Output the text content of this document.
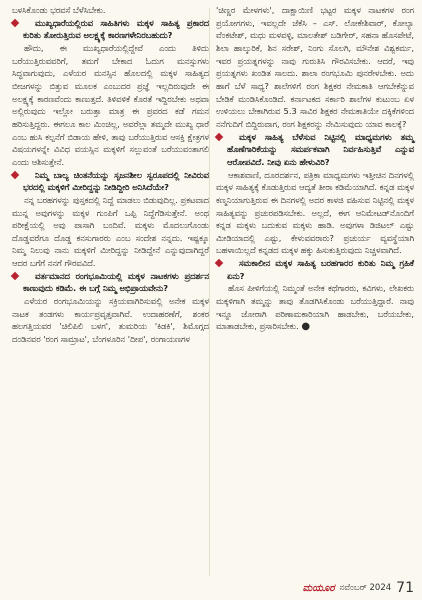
ಬಳಸಿಕೊಂಡು ಭರವಸೆ ಬೆಳೆಸಿಬೇಕು.

ಮುಖ್ಯಧಾರೆಯಲ್ಲಿರುವ ಸಾಹಿತಿಗಳು ಮಕ್ಕಳ ಸಾಹಿತ್ಯ ಪ್ರಕಾರದ ಕುರಿತು ತೋರುತ್ತಿರುವ ಅಲಕ್ಷ್ಯಕ್ಕೆ ಕಾರಣಗಳೇನಿರಬಹುದು?

ಹೌದು, ಈ ಮುಖ್ಯಧಾರೆಯಲ್ಲಿದ್ದೇವೆ ಎಂದು ತಿಳಿದು ಬರೆಯುತ್ತಿರುವವರಿಗೆ, ತಮಗೆ ಬೇಕಾದ ಓದುಗ ಮನಸ್ಸುಗಳು ಸಿದ್ಧವಾಗುವುದು, ಎಳೆಯರ ಮನಸ್ಸಿನ ಹೊಲದಲ್ಲಿ ಮಕ್ಕಳ ಸಾಹಿತ್ಯದ ಬೀಜಗಳನ್ನು ಬಿತ್ತುವ ಮೂಲಕ ಎಂಬುದರ ಪ್ರಜ್ಞೆ ಇಲ್ಲದಿರುವುದೇ ಈ ಅಲಕ್ಷ್ಯಕ್ಕೆ ಕಾರಣವೆಂದು ಕಾಣುತ್ತದೆ. ತಿಳಿವಳಿಕೆ ಕೊರತೆ ಇದ್ದಿರಬೇಕು ಅಥವಾ ಅಲ್ಲಿರುವುದು ಇಲ್ಲೋ ಬರುತ್ತಾ ಮಾತ್ರ ಈ ಪ್ರವರದ ಕಡೆ ಗಮನ ಹರಿಸುತ್ತಿದ್ದರು. ಈಗಲೂ ಕಾಲ ಮಿಂಚಿಲ್ಲ, ಅವರೆಲ್ಲಾ ತಮ್ಮದೇ ಮುಖ್ಯ ಧಾರೆ ಎಂಬ ಹುಸಿ ಕಲ್ಪನೆಗೆ ಬಿಡಾಯ ಹೇಳಿ, ತಾವು ಬರೆಯುತ್ತಿರುವ ಆಸಕ್ತಿ ಕ್ಷೇತ್ರಗಳ ವಿಷಯಗಳನ್ನೇ ವಿವಿಧ ವಯಸ್ಸಿನ ಮಕ್ಕಳಿಗೆ ಸಲ್ಲುವಂತೆ ಬರೆಯುವಂತಾಗಲಿ ಎಂದು ಆಶಿಸುತ್ತೇನೆ.

ನಿಮ್ಮ ಬಾಲ್ಯ ಚಿಂತನೆಯನ್ನು ಸೃಜನಶೀಲ ಸ್ವರೂಪದಲ್ಲಿ ನೀವಿರುವ ಭರದಲ್ಲಿ ಮಕ್ಕಳಿಗೆ ಮೀರಿದ್ದನ್ನು ನೀಡಿದ್ದೀರಿ ಅನಿಸಿದೆಯೇ?

ನನ್ನ ಬರಹಗಳನ್ನು ಪುಸ್ತಕದಲ್ಲಿ ನಿದ್ದೆ ಮಾಡಲು ಬಿಡುವುದಿಲ್ಲ. ಪ್ರಕಟವಾದ ಮುನ್ನ ಅವುಗಳನ್ನು ಮಕ್ಕಳ ಗುಂಪಿಗೆ ಒಪ್ಪಿ ನಿದ್ದೆಗೆಡಿಸುತ್ತೇನೆ. ಅಂಥ ಪರೀಕ್ಷೆಯಲ್ಲಿ ಅವು ಪಾಸಾಗಿ ಬಂದಿವೆ. ಮಕ್ಕಳು ಮೊದಲುಗೊಂಡು ದೊಡ್ಡವರೆಗೂ ದೊಡ್ಡ ಕನಸುಗಾರರು ಎಂಬ ಸಂದೇಶ ನನ್ನದು. ಇಷ್ಟಕ್ಕೂ ನಿಮ್ಮ ನಿಲುವು ನಾನು ಮಕ್ಕಳಿಗೆ ಮೀರಿದ್ದನ್ನು ನೀಡಿದ್ದೇನೆ ಎನ್ನುವುದಾಗಿದ್ದರೆ ಆದರ ಬಗೆಗೆ ನನಗೆ ಗೌರವವಿದೆ.

ವರ್ತಮಾನದ ರಂಗಭೂಮಿಯಲ್ಲಿ ಮಕ್ಕಳ ನಾಟಕಗಳು ಪ್ರದರ್ಶನ ಕಾಣುವುದು ಕಡಿಮೆ. ಈ ಬಗ್ಗೆ ನಿಮ್ಮ ಅಭಿಪ್ರಾಯವೇನು?

ಎಳೆಯರ ರಂಗಭೂಮಿಯನ್ನು ಸಕ್ರಿಯವಾಗಿರಿಸುವಲ್ಲಿ ಅನೇಕ ಮಕ್ಕಳ ನಾಟಕ ತಂಡಗಳು ಕಾರ್ಯಪ್ರವೃತ್ತವಾಗಿವೆ. ಉದಾಹರಣೆಗೆ, ಶಂಕರ ಹಲಗತ್ತಿಯವರ 'ಚಿಲಿಪಿಲಿ ಬಳಗ', ತುಮರಿಯ 'ಕಿಡಕಿ', ಶಿಮೊಗ್ಗದ ದಂಡಿನವರ 'ರಂಗ ಸಾಮ್ರಾಟ', ಬೆಂಗಳೂರಿನ 'ದೀಪ', ರಂಗಾಯಣಗಳ

'ಚಿಣ್ಣರ ಮೇಳಗಳು', ದಾಕ್ಷಾಯಿಣಿ ಭಟ್ಟರ ಮಕ್ಕಳ ನಾಟಕಗಳ ರಂಗ ಪ್ರಯೋಗಗಳು, ಇವಲ್ಲದೇ ಜೆಕೆಸಿ – ಎಸ್. ಲೋಕೇಶಿವಾರ್, ಕೋಲ್ಯಾ ವೆಂಕಟೇಶ್, ಮಧು ಮಳವಳ್ಳಿ, ಮಾಲತೇಶ್ ಬಡಿಗೇರ್, ಸಹನಾ ಹೊಸಪೇಟೆ, ಶಿಲಾ ಹಾಲ್ಕುರಿಕೆ, ಶಿನ ಸರೇಶ್, ನಿಂಗು ಸೊಲಗಿ, ಮೌನೇಶ ವಿಶ್ವಕರ್ಮ, ಇವರ ಪ್ರಯತ್ನಗಳನ್ನು ನಾವು ಗುರುತಿಸಿ ಗೌರವಿಸಬೇಕು. ಆದರೆ, ಇವು ಪ್ರಯತ್ನಗಳು ಖಂಡಿತ ಸಾಲದು. ಶಾಲಾ ರಂಗಭೂಮಿ ಪುನರೇಳಬೇಕು. ಅದು ಹಾಗೆ ಬೆಳೆ ಸಾಧ್ಯ? ಶಾಲೆಗಳಿಗೆ ರಂಗ ಶಿಕ್ಷಕರ ನೇಮಕಾತಿ ಆಗಬೇಕೆನ್ನುವ ಬೇಡಿಕೆ ಮಂಡಿಸಿಕೊಂಡಿದೆ. ಕರ್ನಾಟಕದ ಸರ್ಕಾರಿ ಶಾಲೆಗಳ ಕುಟುಂಬ ಏಳ ಉಳಿಯಲು ಬೇಕಾಗಿರುವ 5.3 ಸಾವಿರ ಶಿಕ್ಷಕರ ನೇಮಕಾತಿಯೇ ದಕ್ಕಿಕೆಗಳಿಂದ ನನೆಗುದಿಗೆ ಬಿದ್ದಿರುವಾಗ, ರಂಗ ಶಿಕ್ಷಕರನ್ನು ನೇಮಿಸುವುದು ಯಾವ ಕಾಲಕ್ಕೆ?

ಮಕ್ಕಳ ಸಾಹಿತ್ಯ ಬೆಳೆಸುವ ನಿಟ್ಟಿನಲ್ಲಿ ಮಾಧ್ಯಮಗಳು ತಮ್ಮ ಹೊಣೆಗಾರಿಕೆಯನ್ನು ಸಮರ್ಪಕವಾಗಿ ನಿರ್ವಹಿಸುತ್ತಿವೆ ಎನ್ನುವ ಆರೋಪವಿದೆ. ನೀವು ಏನು ಹೇಳುವಿರಿ?

ಆಕಾಶವಾಣಿ, ದೂರದರ್ಶನ, ಪತ್ರಿಕಾ ಮಾಧ್ಯಮಗಳು ಇತ್ತೀಚಿನ ದಿನಗಳಲ್ಲಿ ಮಕ್ಕಳ ಸಾಹಿತ್ಯಕ್ಕೆ ಕೊಡುತ್ತಿರುವ ಆದ್ಯತೆ ತೀರಾ ಕಡಿಮೆಯಾಗಿದೆ. ಕನ್ನಡ ಮಕ್ಕಳ ಕಣ್ಮನಿಯಾಗುತ್ತಿರುವ ಈ ದಿನಗಳಲ್ಲಿ ಅದರ ಕಾಳಜಿ ವಹಿಸುವ ನಿಟ್ಟಿನಲ್ಲಿ ಮಕ್ಕಳ ಸಾಹಿತ್ಯವನ್ನು ಪ್ರಚುರಪಡಿಸಬೇಕು. ಅಲ್ಲದೆ, ಈಗ ಆನಿಮೇಟಡ್‌ನೊಂದಿಗೆ ಕನ್ನಡ ಮಕ್ಕಳು ಬದುಕುವ ಮಕ್ಕಳು ಹಾಡಿ. ಅವುಗಳಾ ಡಿಜಿಟಲ್ ಎಷ್ಟು ಮೀಡಿಯಾದಲ್ಲಿ ಎಷ್ಟು, ಕೇಳುವವರಾರು? ಪ್ರಚುರ್ಯ ವ್ಯವಸ್ಥೆಯಾಗಿ ಬಹಳಾಯಿಲ್ಲದೆ ಕನ್ನಡದ ಮಕ್ಕಳ ಹಕ್ಕು ಹಿಸುಕುತ್ತಿರುವುದು ನಿಚ್ಚಳವಾಗಿದೆ.

ಸಮಕಾಲೀನ ಮಕ್ಕಳ ಸಾಹಿತ್ಯ ಬರಹಗಾರರ ಕುರಿತು ನಿಮ್ಮ ಗ್ರಹಿಕೆ ಏನು?

ಹೊಸ ಪೀಳಿಗೆಯಲ್ಲಿ ನಿಮ್ಮಂತೆ ಅನೇಕ ಕಥೆಗಾರರು, ಕವಿಗಳು, ಲೇಖಕರು ಮಕ್ಕಳಿಗಾಗಿ ತಮ್ಮನ್ನು ತಾವು ತೊಡಗಿಸಿಕೊಂಡು ಬರೆಯುತ್ತಿದ್ದಾರೆ. ನಾವು ಇನ್ನೂ ಜೋರಾಗಿ ಪರಿಣಾಮಕಾರಿಯಾಗಿ ಹಾಡಬೇಕು, ಬರೆಯಬೇಕು, ಮಾತಾಡಬೇಕು, ಪ್ರಸಾರಿಸಬೇಕು. ●

ಮಯೂರ ನವೆಂಬರ್ 2024 71
